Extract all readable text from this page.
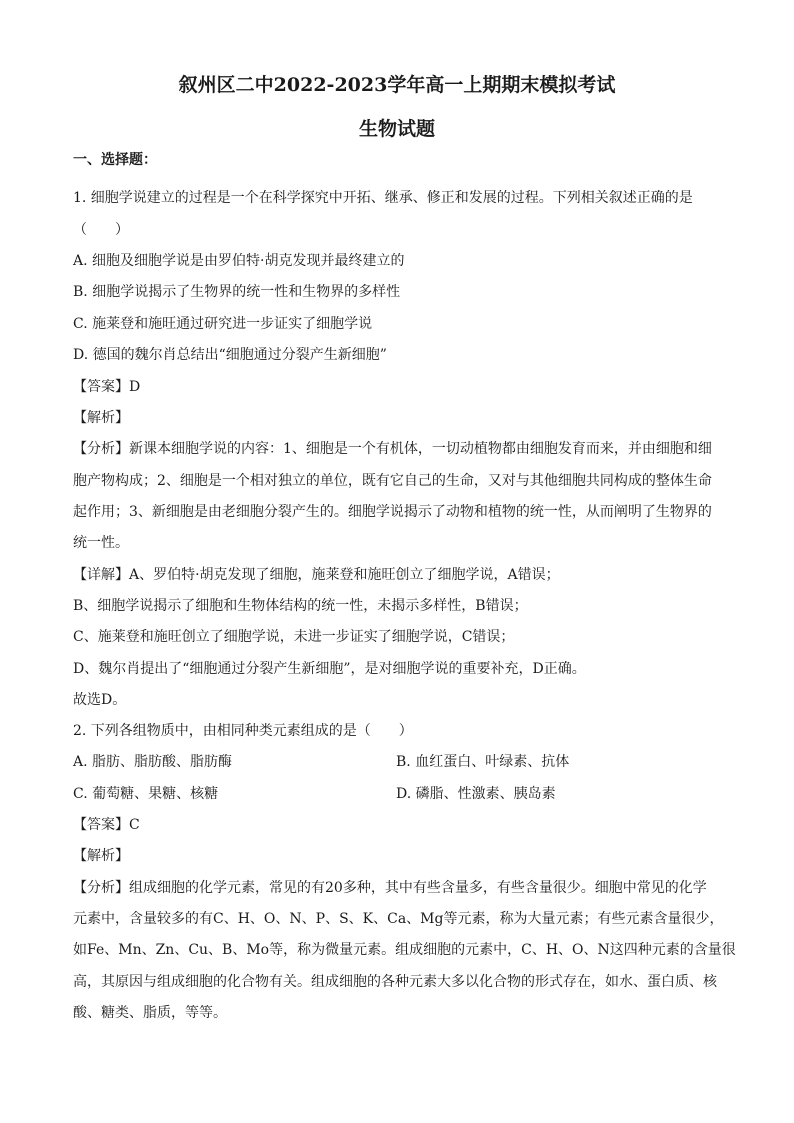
叙州区二中2022-2023学年高一上期期末模拟考试
生物试题
一、选择题：
1. 细胞学说建立的过程是一个在科学探究中开拓、继承、修正和发展的过程。下列相关叙述正确的是
（　　）
A. 细胞及细胞学说是由罗伯特·胡克发现并最终建立的
B. 细胞学说揭示了生物界的统一性和生物界的多样性
C. 施莱登和施旺通过研究进一步证实了细胞学说
D. 德国的魏尔肖总结出“细胞通过分裂产生新细胞”
【答案】D
【解析】
【分析】新课本细胞学说的内容：1、细胞是一个有机体，一切动植物都由细胞发育而来，并由细胞和细
胞产物构成；2、细胞是一个相对独立的单位，既有它自己的生命，又对与其他细胞共同构成的整体生命
起作用；3、新细胞是由老细胞分裂产生的。细胞学说揭示了动物和植物的统一性，从而阐明了生物界的
统一性。
【详解】A、罗伯特·胡克发现了细胞，施莱登和施旺创立了细胞学说，A错误；
B、细胞学说揭示了细胞和生物体结构的统一性，未揭示多样性，B错误；
C、施莱登和施旺创立了细胞学说，未进一步证实了细胞学说，C错误；
D、魏尔肖提出了“细胞通过分裂产生新细胞”，是对细胞学说的重要补充，D正确。
故选D。
2. 下列各组物质中，由相同种类元素组成的是（　　）
A. 脂肪、脂肪酸、脂肪酶	B. 血红蛋白、叶绿素、抗体
C. 葡萄糖、果糖、核糖	D. 磷脂、性激素、胰岛素
【答案】C
【解析】
【分析】组成细胞的化学元素，常见的有20多种，其中有些含量多，有些含量很少。细胞中常见的化学
元素中，含量较多的有C、H、O、N、P、S、K、Ca、Mg等元素，称为大量元素；有些元素含量很少，
如Fe、Mn、Zn、Cu、B、Mo等，称为微量元素。组成细胞的元素中，C、H、O、N这四种元素的含量很
高，其原因与组成细胞的化合物有关。组成细胞的各种元素大多以化合物的形式存在，如水、蛋白质、核
酸、糖类、脂质，等等。
